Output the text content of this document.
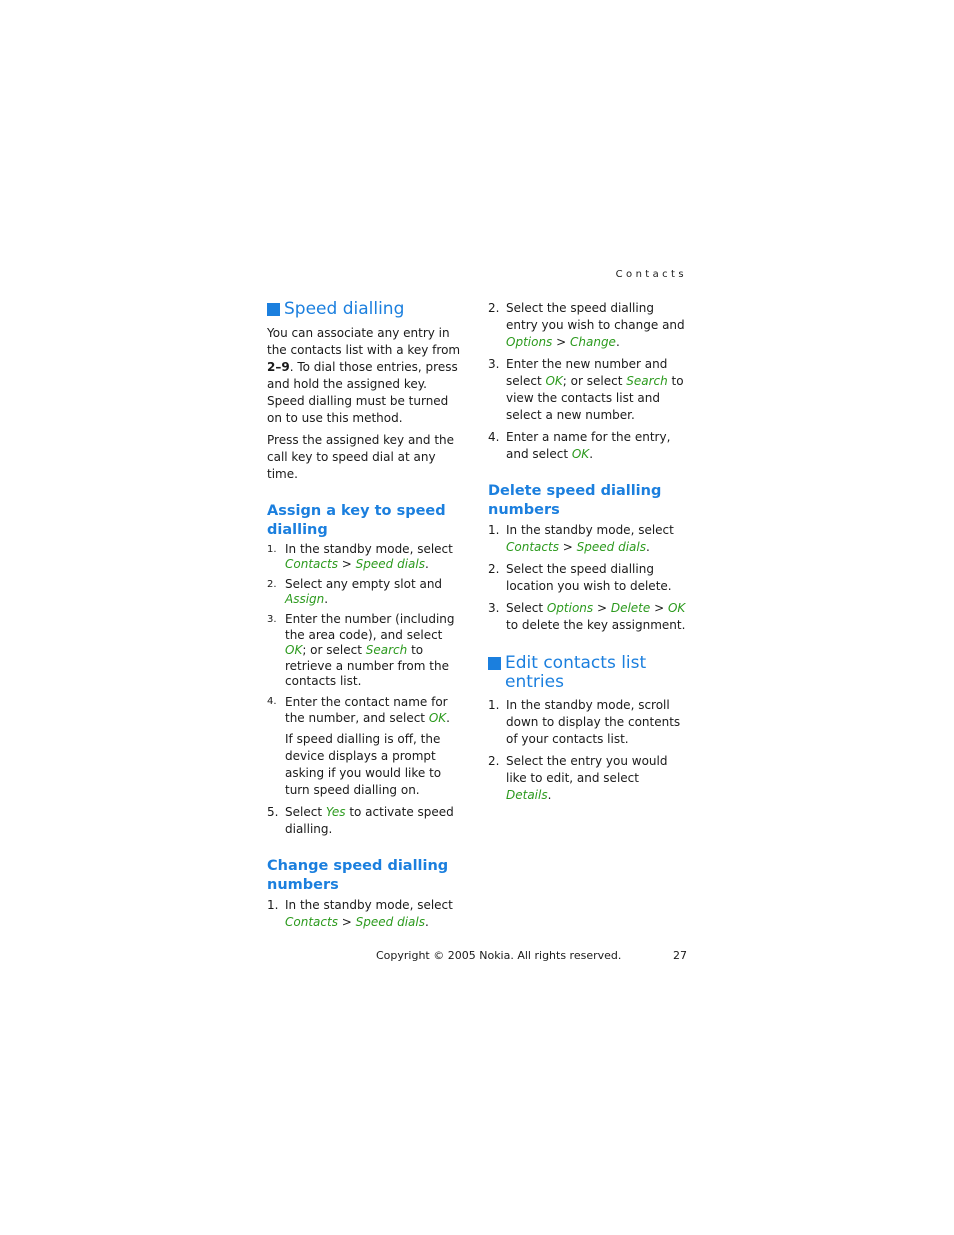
Contacts
Speed dialling

You can associate any entry in the contacts list with a key from 2–9. To dial those entries, press and hold the assigned key. Speed dialling must be turned on to use this method.

Press the assigned key and the call key to speed dial at any time.

Assign a key to speed dialling
1. In the standby mode, select Contacts > Speed dials.
2. Select any empty slot and Assign.
3. Enter the number (including the area code), and select OK; or select Search to retrieve a number from the contacts list.
4. Enter the contact name for the number, and select OK.

If speed dialling is off, the device displays a prompt asking if you would like to turn speed dialling on.

5. Select Yes to activate speed dialling.
Change speed dialling numbers
1. In the standby mode, select Contacts > Speed dials.
2. Select the speed dialling entry you wish to change and Options > Change.
3. Enter the new number and select OK; or select Search to view the contacts list and select a new number.
4. Enter a name for the entry, and select OK.
Delete speed dialling numbers
1. In the standby mode, select Contacts > Speed dials.
2. Select the speed dialling location you wish to delete.
3. Select Options > Delete > OK to delete the key assignment.
Edit contacts list entries
1. In the standby mode, scroll down to display the contents of your contacts list.
2. Select the entry you would like to edit, and select Details.
Copyright © 2005 Nokia. All rights reserved.	27
